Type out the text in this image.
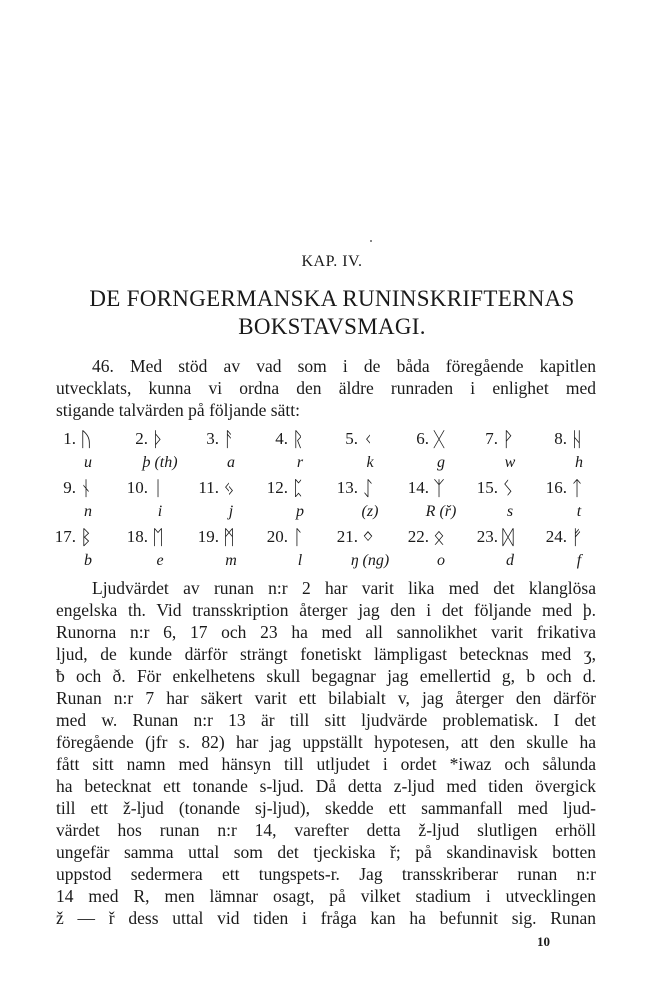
KAP. IV.
DE FORNGERMANSKA RUNINSKRIFTERNAS
BOKSTAVSMAGI.
46. Med stöd av vad som i de båda föregående kapitlen
utvecklats, kunna vi ordna den äldre runraden i enlighet med
stigande talvärden på följande sätt:
Ljudvärdet av runan n:r 2 har varit lika med det klanglösa
engelska th. Vid transskription återger jag den i det följande med þ.
Runorna n:r 6, 17 och 23 ha med all sannolikhet varit frikativa
ljud, de kunde därför strängt fonetiskt lämpligast betecknas med ʒ,
ƀ och ð. För enkelhetens skull begagnar jag emellertid g, b och d.
Runan n:r 7 har säkert varit ett bilabialt v, jag återger den därför
med w. Runan n:r 13 är till sitt ljudvärde problematisk. I det
föregående (jfr s. 82) har jag uppställt hypotesen, att den skulle ha
fått sitt namn med hänsyn till utljudet i ordet *iwaz och sålunda
ha betecknat ett tonande s-ljud. Då detta z-ljud med tiden övergick
till ett ž-ljud (tonande sj-ljud), skedde ett sammanfall med ljud-
värdet hos runan n:r 14, varefter detta ž-ljud slutligen erhöll
ungefär samma uttal som det tjeckiska ř; på skandinavisk botten
uppstod sedermera ett tungspets-r. Jag transskriberar runan n:r
14 med R, men lämnar osagt, på vilket stadium i utvecklingen
ž — ř dess uttal vid tiden i fråga kan ha befunnit sig. Runan
1. ᚢ
u
2. ᚦ
þ (th)
3. ᚨ
a
4. ᚱ
r
5. ᚲ
k
6. ᚷ
g
7. ᚹ
w
8. ᚺ
h
9. ᚾ
n
10. ᛁ
i
11. ᛃ
j
12. ᛈ
p
13. ᛇ
(z)
14. ᛉ
R (ř)
15. ᛊ
s
16. ᛏ
t
17. ᛒ
b
18. ᛖ
e
19. ᛗ
m
20. ᛚ
l
21. ᛜ
ŋ (ng)
22. ᛟ
o
23. ᛞ
d
24. ᚠ
f
10
